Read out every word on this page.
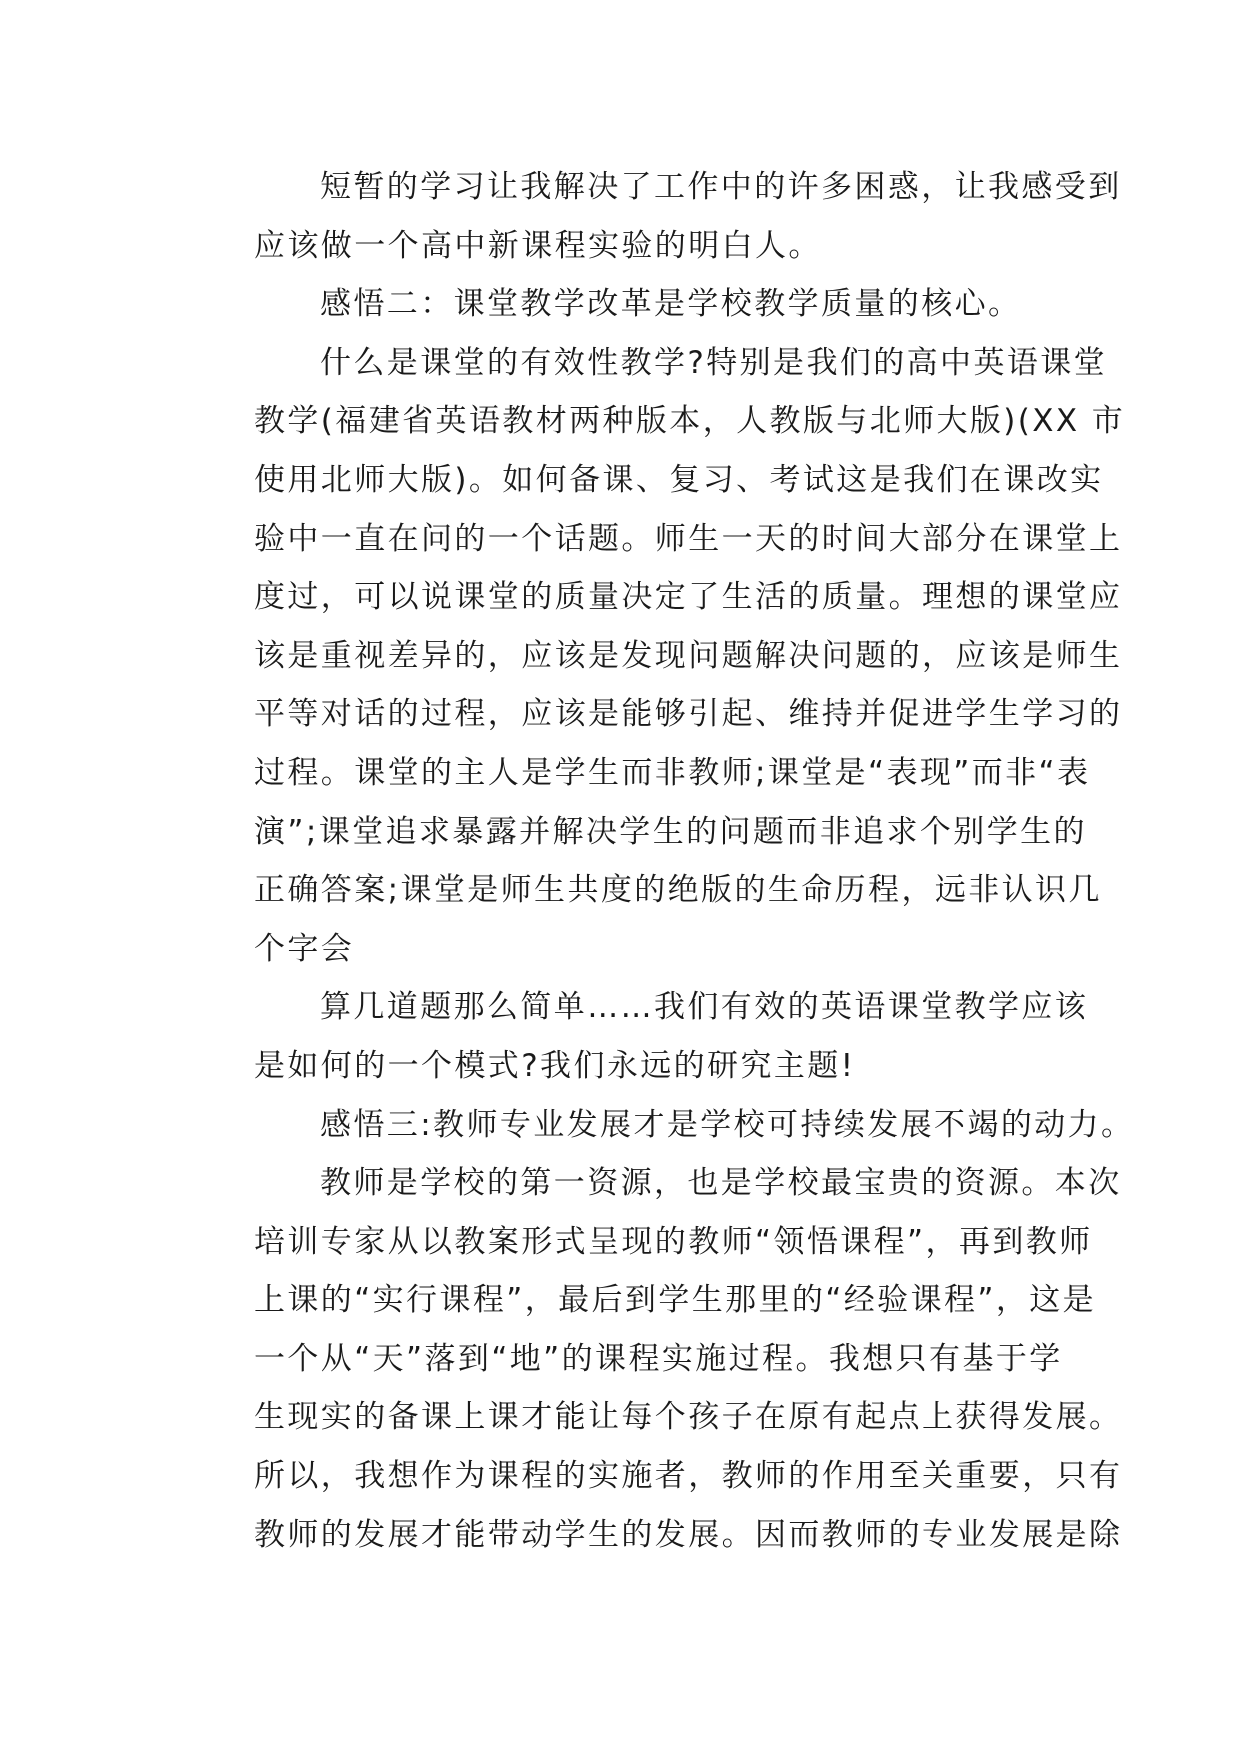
短暂的学习让我解决了工作中的许多困惑，让我感受到
应该做一个高中新课程实验的明白人。
感悟二：课堂教学改革是学校教学质量的核心。
什么是课堂的有效性教学?特别是我们的高中英语课堂
教学(福建省英语教材两种版本，人教版与北师大版)(XX 市
使用北师大版)。如何备课、复习、考试这是我们在课改实
验中一直在问的一个话题。师生一天的时间大部分在课堂上
度过，可以说课堂的质量决定了生活的质量。理想的课堂应
该是重视差异的，应该是发现问题解决问题的，应该是师生
平等对话的过程，应该是能够引起、维持并促进学生学习的
过程。课堂的主人是学生而非教师;课堂是“表现”而非“表
演”;课堂追求暴露并解决学生的问题而非追求个别学生的
正确答案;课堂是师生共度的绝版的生命历程，远非认识几
个字会
算几道题那么简单……我们有效的英语课堂教学应该
是如何的一个模式?我们永远的研究主题!
感悟三:教师专业发展才是学校可持续发展不竭的动力。
教师是学校的第一资源，也是学校最宝贵的资源。本次
培训专家从以教案形式呈现的教师“领悟课程”，再到教师
上课的“实行课程”，最后到学生那里的“经验课程”，这是
一个从“天”落到“地”的课程实施过程。我想只有基于学
生现实的备课上课才能让每个孩子在原有起点上获得发展。
所以，我想作为课程的实施者，教师的作用至关重要，只有
教师的发展才能带动学生的发展。因而教师的专业发展是除
